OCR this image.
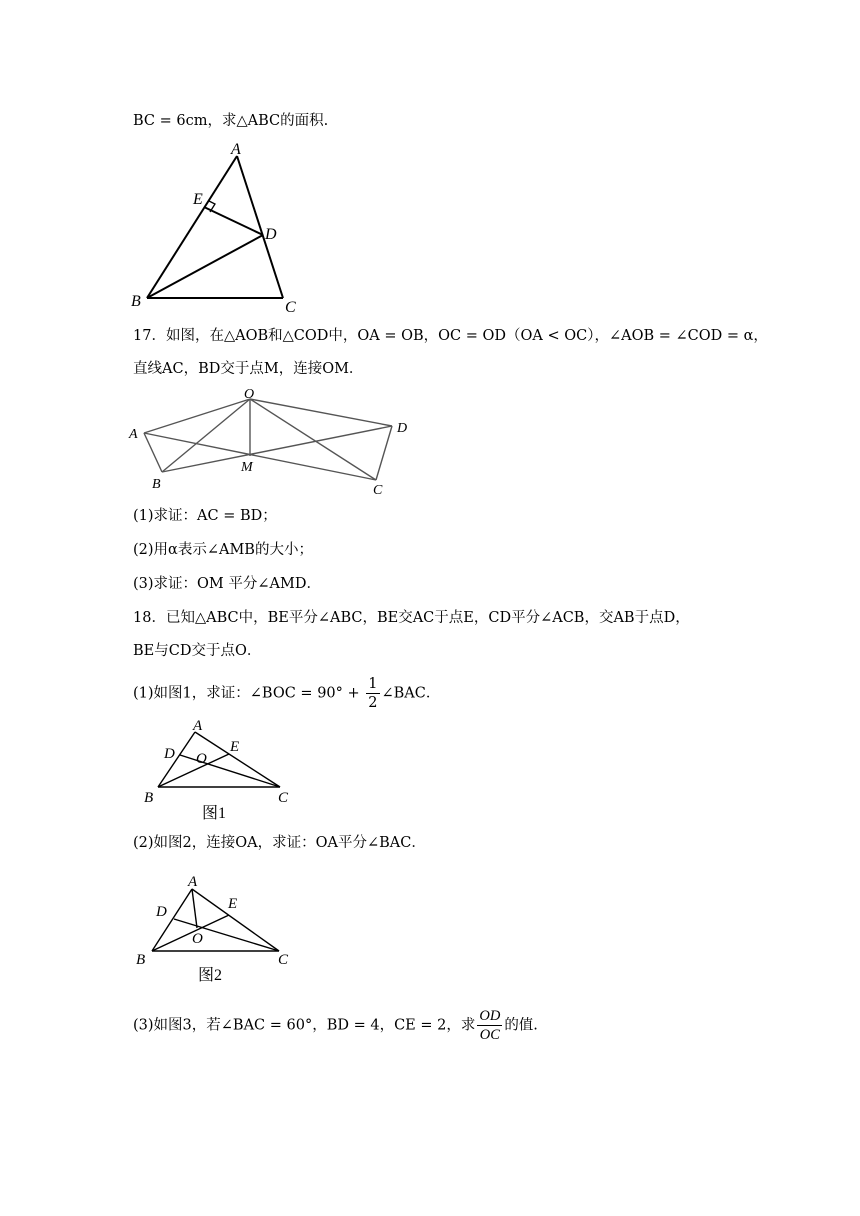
BC = 6cm，求△ABC的面积.
A
E
D
B	C
17．如图，在△AOB和△COD中，OA = OB，OC = OD（OA < OC），∠AOB = ∠COD = α，
直线AC，BD交于点M，连接OM．
O
A
B
M
C
D
(1)求证：AC = BD；
(2)用α表示∠AMB的大小；
(3)求证：OM 平分∠AMD．
18．已知△ABC中，BE平分∠ABC，BE交AC于点E，CD平分∠ACB，交AB于点D，
BE与CD交于点O．
(1)如图1，求证：∠BOC = $90^\circ + \frac{1}{2}$ ∠BAC．
A
D O
E
B	C
图1
(2)如图2，连接OA，求证：OA平分∠BAC．
A
D	E
O
B	C
图2
(3)如图3，若∠BAC = 60°，BD = 4，CE = 2，求 $\frac{OD}{OC}$ 的值.
